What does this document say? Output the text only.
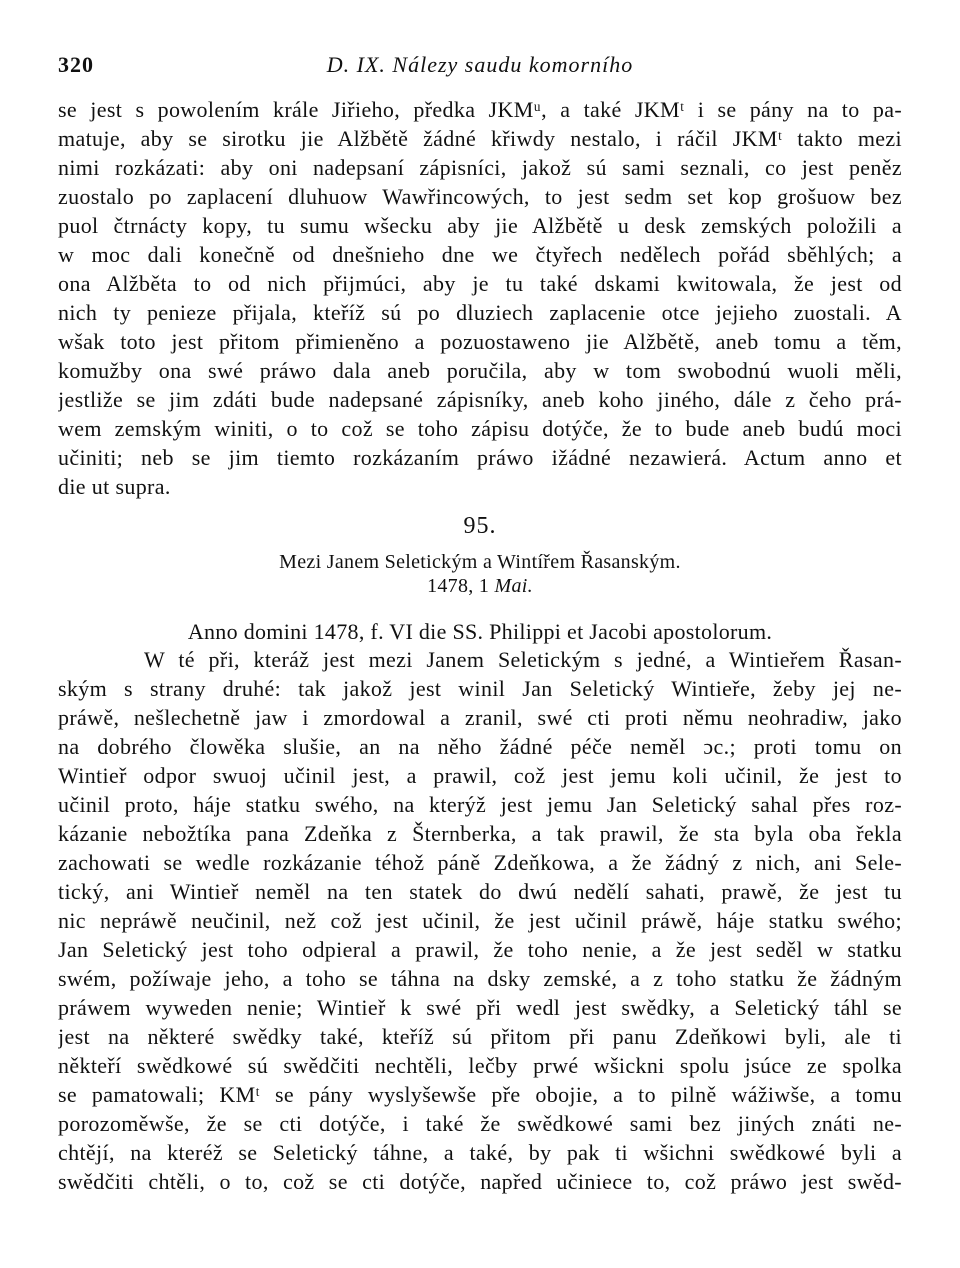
320	D. IX. Nálezy saudu komorního
se jest s powolením krále Jiřieho, předka JKMᵘ, a také JKMᵗ i se pány na to pa-
matuje, aby se sirotku jie Alžbětě žádné křiwdy nestalo, i ráčil JKMᵗ takto mezi
nimi rozkázati: aby oni nadepsaní zápisníci, jakož sú sami seznali, co jest peněz
zuostalo po zaplacení dluhuow Wawřincowých, to jest sedm set kop grošuow bez
puol čtrnácty kopy, tu sumu wšecku aby jie Alžbětě u desk zemských položili a
w moc dali konečně od dnešnieho dne we čtyřech nedělech pořád sběhlých; a
ona Alžběta to od nich přijmúci, aby je tu také dskami kwitowala, že jest od
nich ty penieze přijala, kteříž sú po dluziech zaplacenie otce jejieho zuostali. A
wšak toto jest přitom přimieněno a pozuostaweno jie Alžbětě, aneb tomu a těm,
komužby ona swé práwo dala aneb poručila, aby w tom swobodnú wuoli měli,
jestliže se jim zdáti bude nadepsané zápisníky, aneb koho jiného, dále z čeho prá-
wem zemským winiti, o to což se toho zápisu dotýče, že to bude aneb budú moci
učiniti; neb se jim tiemto rozkázaním práwo ižádné nezawierá. Actum anno et
die ut supra.
95.
Mezi Janem Seletickým a Wintířem Řasanským.
1478, 1 Mai.
Anno domini 1478, f. VI die SS. Philippi et Jacobi apostolorum.
W té při, kteráž jest mezi Janem Seletickým s jedné, a Wintieřem Řasan-
ským s strany druhé: tak jakož jest winil Jan Seletický Wintieře, žeby jej ne-
práwě, nešlechetně jaw i zmordowal a zranil, swé cti proti němu neohradiw, jako
na dobrého člowěka slušie, an na něho žádné péče neměl ɔc.; proti tomu on
Wintieř odpor swuoj učinil jest, a prawil, což jest jemu koli učinil, že jest to
učinil proto, háje statku swého, na kterýž jest jemu Jan Seletický sahal přes roz-
kázanie nebožtíka pana Zdeňka z Šternberka, a tak prawil, že sta byla oba řekla
zachowati se wedle rozkázanie téhož páně Zdeňkowa, a že žádný z nich, ani Sele-
tický, ani Wintieř neměl na ten statek do dwú nedělí sahati, prawě, že jest tu
nic nepráwě neučinil, než což jest učinil, že jest učinil práwě, háje statku swého;
Jan Seletický jest toho odpieral a prawil, že toho nenie, a že jest seděl w statku
swém, požíwaje jeho, a toho se táhna na dsky zemské, a z toho statku že žádným
práwem wyweden nenie; Wintieř k swé při wedl jest swědky, a Seletický táhl se
jest na některé swědky také, kteříž sú přitom při panu Zdeňkowi byli, ale ti
někteří swědkowé sú swědčiti nechtěli, lečby prwé wšickni spolu jsúce ze spolka
se pamatowali; KMᵗ se pány wyslyšewše pře obojie, a to pilně wážiwše, a tomu
porozoměwše, že se cti dotýče, i také že swědkowé sami bez jiných znáti ne-
chtějí, na kteréž se Seletický táhne, a také, by pak ti wšichni swědkowé byli a
swědčiti chtěli, o to, což se cti dotýče, napřed učiniece to, což práwo jest swěd-
